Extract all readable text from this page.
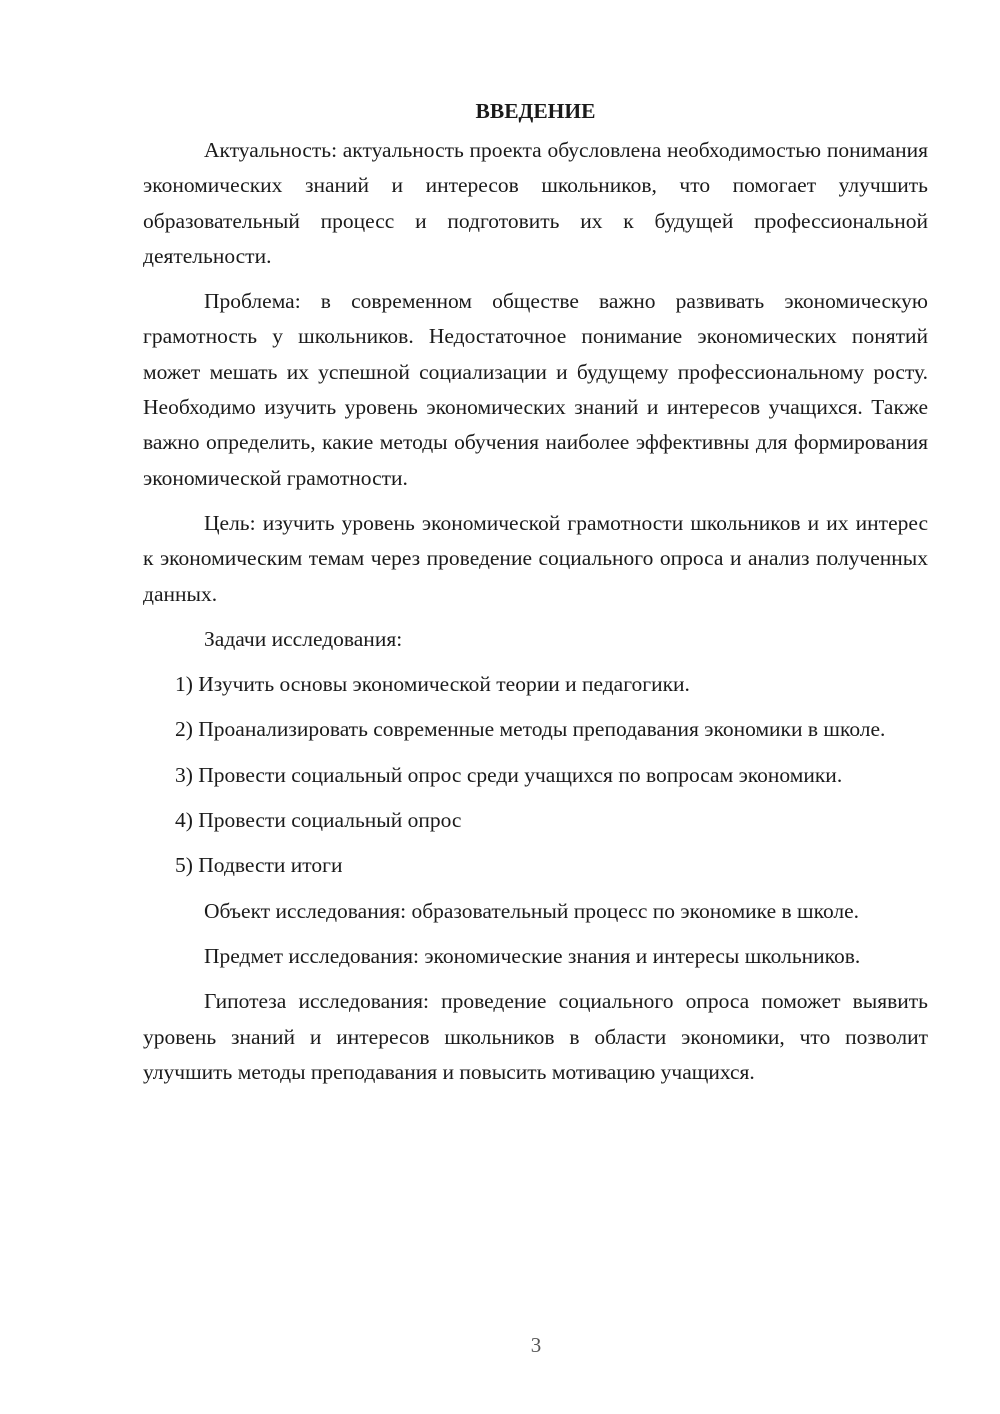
ВВЕДЕНИЕ

Актуальность: актуальность проекта обусловлена необходимостью понимания экономических знаний и интересов школьников, что помогает улучшить образовательный процесс и подготовить их к будущей профессиональной деятельности.

Проблема: в современном обществе важно развивать экономическую грамотность у школьников. Недостаточное понимание экономических понятий может мешать их успешной социализации и будущему профессиональному росту. Необходимо изучить уровень экономических знаний и интересов учащихся. Также важно определить, какие методы обучения наиболее эффективны для формирования экономической грамотности.

Цель: изучить уровень экономической грамотности школьников и их интерес к экономическим темам через проведение социального опроса и анализ полученных данных.

Задачи исследования:

1) Изучить основы экономической теории и педагогики.

2) Проанализировать современные методы преподавания экономики в школе.

3) Провести социальный опрос среди учащихся по вопросам экономики.

4) Провести социальный опрос

5) Подвести итоги

Объект исследования: образовательный процесс по экономике в школе.

Предмет исследования: экономические знания и интересы школьников.

Гипотеза исследования: проведение социального опроса поможет выявить уровень знаний и интересов школьников в области экономики, что позволит улучшить методы преподавания и повысить мотивацию учащихся.

3
